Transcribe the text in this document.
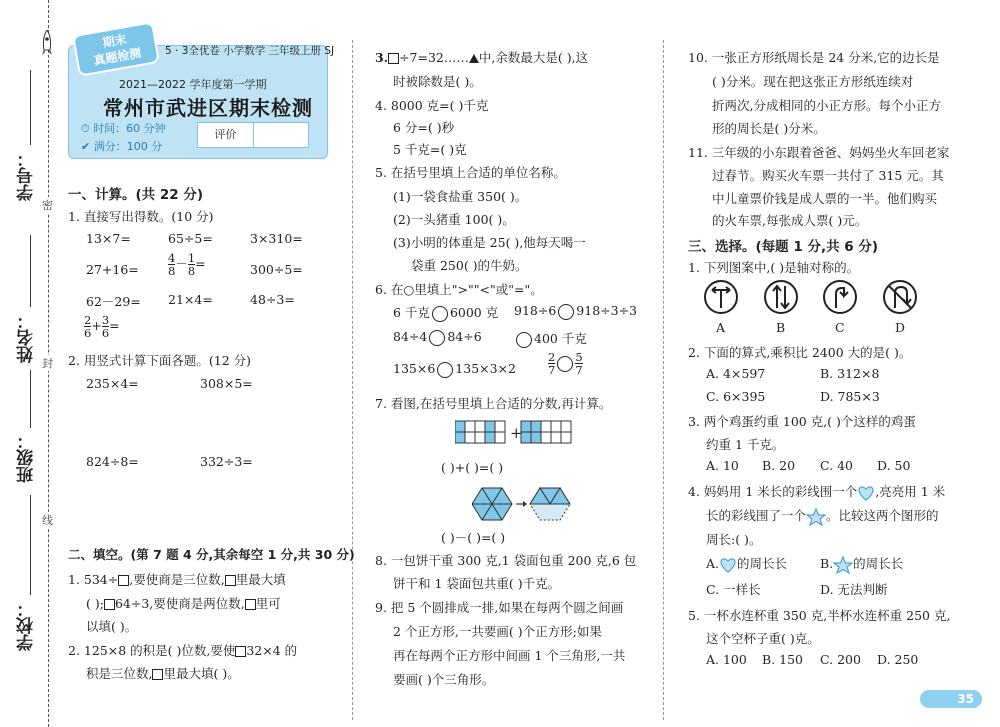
学号：
姓名：
班级：
学校：
密
封
线
期末
真题检测	5 · 3全优卷 小学数学 三年级上册 SJ
2021—2022 学年度第一学期
常州市武进区期末检测
⏱ 时间：60 分钟
✔ 满分：100 分
评价
一、计算。(共 22 分)
1. 直接写出得数。(10 分)
13×7=	65÷5=	3×310=
27+16=	$\frac{4}{8} - \frac{1}{8}$ =	300÷5=
62－29= 21×4=	48÷3=
$\frac{2}{6} + \frac{3}{6}$ =
2. 用竖式计算下面各题。(12 分)
235×4=	308×5=
824÷8=	332÷3=
二、填空。(第 7 题 4 分,其余每空 1 分,共 30 分)
1. 534÷ ,要使商是三位数, 里最大填
( ); 64÷3,要使商是两位数, 里可
以填( )。
2. 125×8 的积是( )位数,要使 32×4 的
积是三位数, 里最大填( )。
3. ÷7=32…… 中,余数最大是( ),这
时被除数是( )。
4. 8000 克=( )千克
6 分=( )秒
5 千克=( )克
5. 在括号里填上合适的单位名称。
(1)一袋食盐重 350( )。
(2)一头猪重 100( )。
(3)小明的体重是 25( ),他每天喝一
袋重 250( )的牛奶。
6. 在○里填上">""<"或"="。
6 千克 6000 克 918÷6 918÷3÷3
84÷4 84÷6	400 千克
135×6 135×3×2	$\frac{2}{7} \frac{5}{7}$
7. 看图,在括号里填上合适的分数,再计算。
+
( )+( )=( )
( )－( )=( )
8. 一包饼干重 300 克,1 袋面包重 200 克,6 包
饼干和 1 袋面包共重( )千克。
9. 把 5 个圆排成一排,如果在每两个圆之间画
2 个正方形,一共要画( )个正方形;如果
再在每两个正方形中间画 1 个三角形,一共
要画( )个三角形。
10. 一张正方形纸周长是 24 分米,它的边长是
( )分米。现在把这张正方形纸连续对
折两次,分成相同的小正方形。每个小正方
形的周长是( )分米。
11. 三年级的小东跟着爸爸、妈妈坐火车回老家
过春节。购买火车票一共付了 315 元。其
中儿童票价钱是成人票的一半。他们购买
的火车票,每张成人票( )元。
三、选择。(每题 1 分,共 6 分)
1. 下列图案中,( )是轴对称的。
A	B	C	D
2. 下面的算式,乘积比 2400 大的是( )。
A. 4×597	B. 312×8
C. 6×395	D. 785×3
3. 两个鸡蛋约重 100 克,( )个这样的鸡蛋
约重 1 千克。
A. 10 B. 20 C. 40 D. 50
4. 妈妈用 1 米长的彩线围一个 ,亮亮用 1 米
长的彩线围了一个 。比较这两个图形的
周长:( )。
A. 的周长长	B. 的周长长
C. 一样长	D. 无法判断
5. 一杯水连杯重 350 克,半杯水连杯重 250 克,
这个空杯子重( )克。
A. 100 B. 150 C. 200 D. 250
35
